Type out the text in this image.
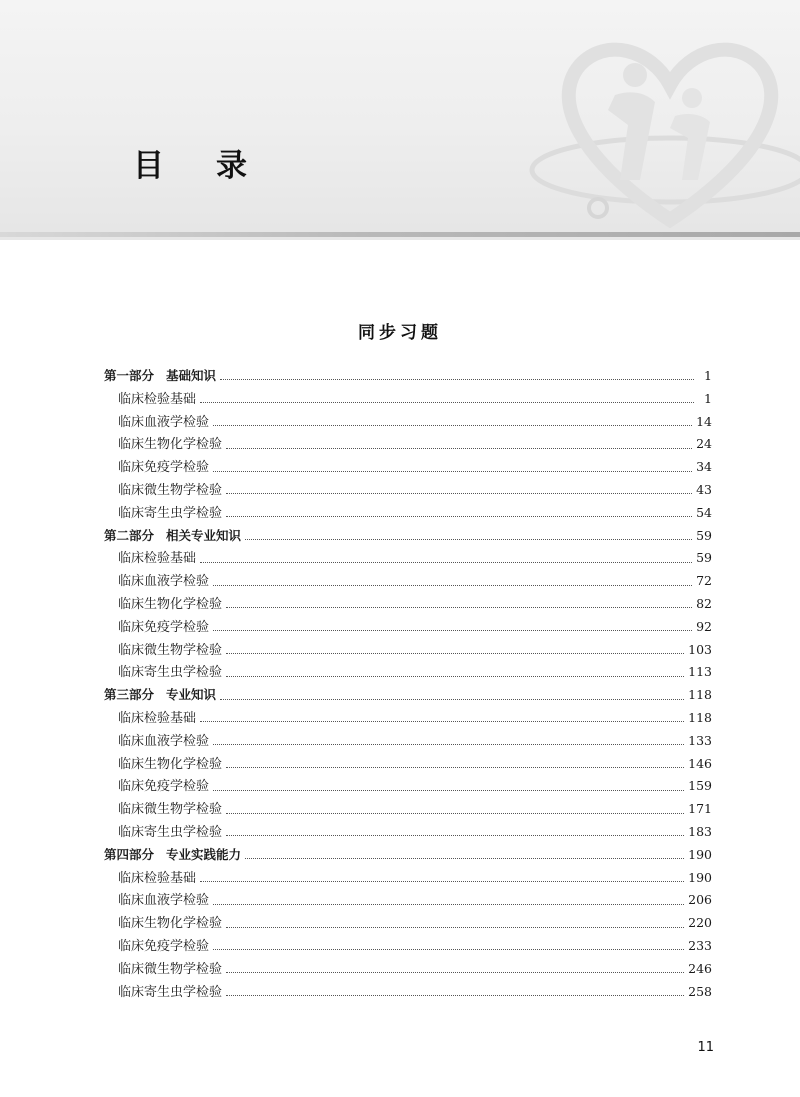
目录
同步习题
第一部分 基础知识	1
临床检验基础	1
临床血液学检验	14
临床生物化学检验	24
临床免疫学检验	34
临床微生物学检验	43
临床寄生虫学检验	54
第二部分 相关专业知识	59
临床检验基础	59
临床血液学检验	72
临床生物化学检验	82
临床免疫学检验	92
临床微生物学检验	103
临床寄生虫学检验	113
第三部分 专业知识	118
临床检验基础	118
临床血液学检验	133
临床生物化学检验	146
临床免疫学检验	159
临床微生物学检验	171
临床寄生虫学检验	183
第四部分 专业实践能力	190
临床检验基础	190
临床血液学检验	206
临床生物化学检验	220
临床免疫学检验	233
临床微生物学检验	246
临床寄生虫学检验	258
11
